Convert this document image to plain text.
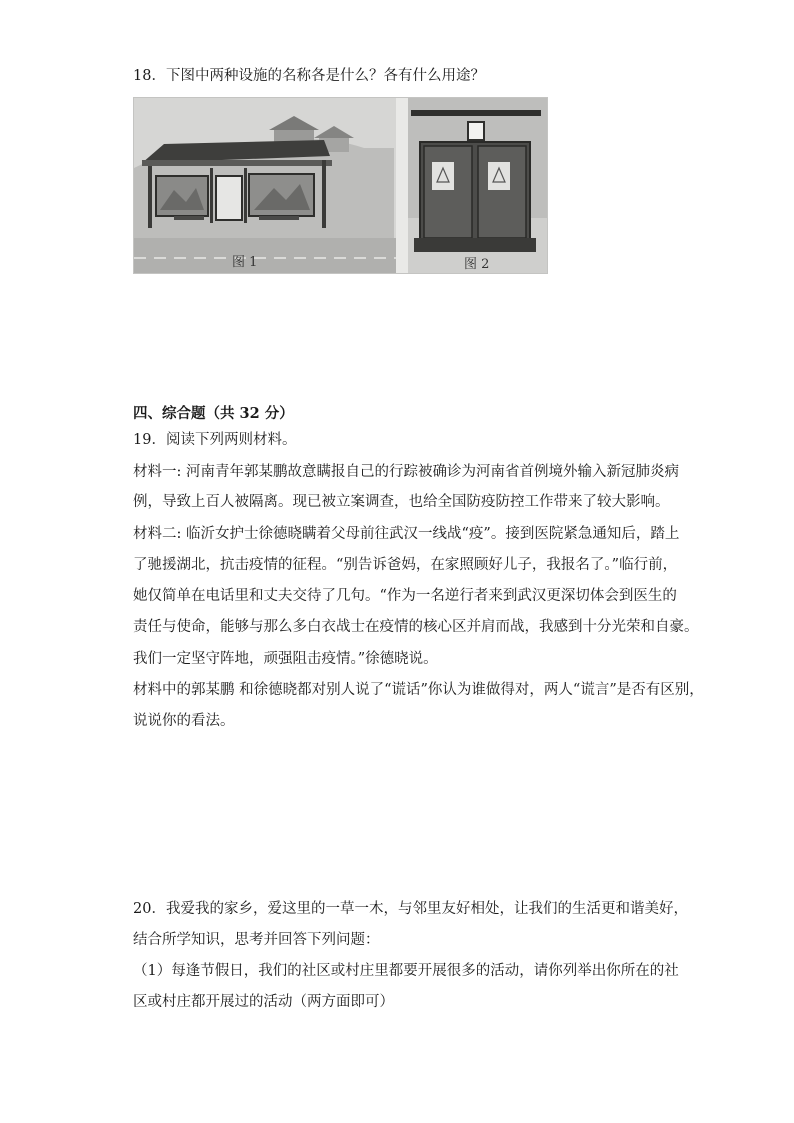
18．下图中两种设施的名称各是什么？各有什么用途？
图 1	图 2
四、综合题（共 32 分）
19．阅读下列两则材料。
材料一: 河南青年郭某鹏故意瞒报自己的行踪被确诊为河南省首例境外输入新冠肺炎病
例，导致上百人被隔离。现已被立案调查，也给全国防疫防控工作带来了较大影响。
材料二: 临沂女护士徐德晓瞒着父母前往武汉一线战“疫”。接到医院紧急通知后，踏上
了驰援湖北，抗击疫情的征程。“别告诉爸妈，在家照顾好儿子，我报名了。”临行前，
她仅简单在电话里和丈夫交待了几句。“作为一名逆行者来到武汉更深切体会到医生的
责任与使命，能够与那么多白衣战士在疫情的核心区并肩而战，我感到十分光荣和自豪。
我们一定坚守阵地，顽强阻击疫情。”徐德晓说。
材料中的郭某鹏 和徐德晓都对别人说了“谎话”你认为谁做得对，两人“谎言”是否有区别，
说说你的看法。
20．我爱我的家乡，爱这里的一草一木，与邻里友好相处，让我们的生活更和谐美好，
结合所学知识，思考并回答下列问题：
（1）每逢节假日，我们的社区或村庄里都要开展很多的活动，请你列举出你所在的社
区或村庄都开展过的活动（两方面即可）
